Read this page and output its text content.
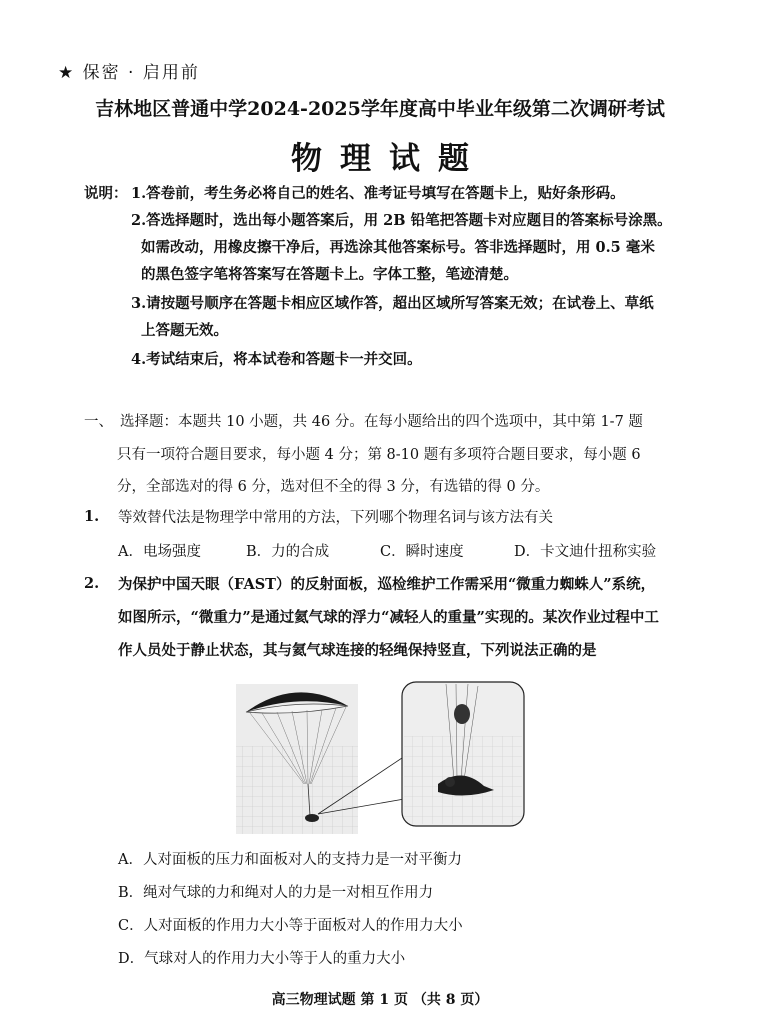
★ 保密 · 启用前
吉林地区普通中学2024-2025学年度高中毕业年级第二次调研考试
物理试题
说明： 1.答卷前，考生务必将自己的姓名、准考证号填写在答题卡上，贴好条形码。
2.答选择题时，选出每小题答案后，用 2B 铅笔把答题卡对应题目的答案标号涂黑。
如需改动，用橡皮擦干净后，再选涂其他答案标号。答非选择题时，用 0.5 毫米
的黑色签字笔将答案写在答题卡上。字体工整，笔迹清楚。
3.请按题号顺序在答题卡相应区域作答，超出区域所写答案无效；在试卷上、草纸
上答题无效。
4.考试结束后，将本试卷和答题卡一并交回。
一、 选择题：本题共 10 小题，共 46 分。在每小题给出的四个选项中，其中第 1-7 题
只有一项符合题目要求，每小题 4 分；第 8-10 题有多项符合题目要求，每小题 6
分，全部选对的得 6 分，选对但不全的得 3 分，有选错的得 0 分。
1. 等效替代法是物理学中常用的方法，下列哪个物理名词与该方法有关
A．电场强度	B．力的合成	C．瞬时速度	D．卡文迪什扭称实验
2. 为保护中国天眼（FAST）的反射面板，巡检维护工作需采用“微重力蜘蛛人”系统，
如图所示，“微重力”是通过氦气球的浮力“减轻人的重量”实现的。某次作业过程中工
作人员处于静止状态，其与氦气球连接的轻绳保持竖直，下列说法正确的是
A．人对面板的压力和面板对人的支持力是一对平衡力
B．绳对气球的力和绳对人的力是一对相互作用力
C．人对面板的作用力大小等于面板对人的作用力大小
D．气球对人的作用力大小等于人的重力大小
高三物理试题 第 1 页 （共 8 页）
